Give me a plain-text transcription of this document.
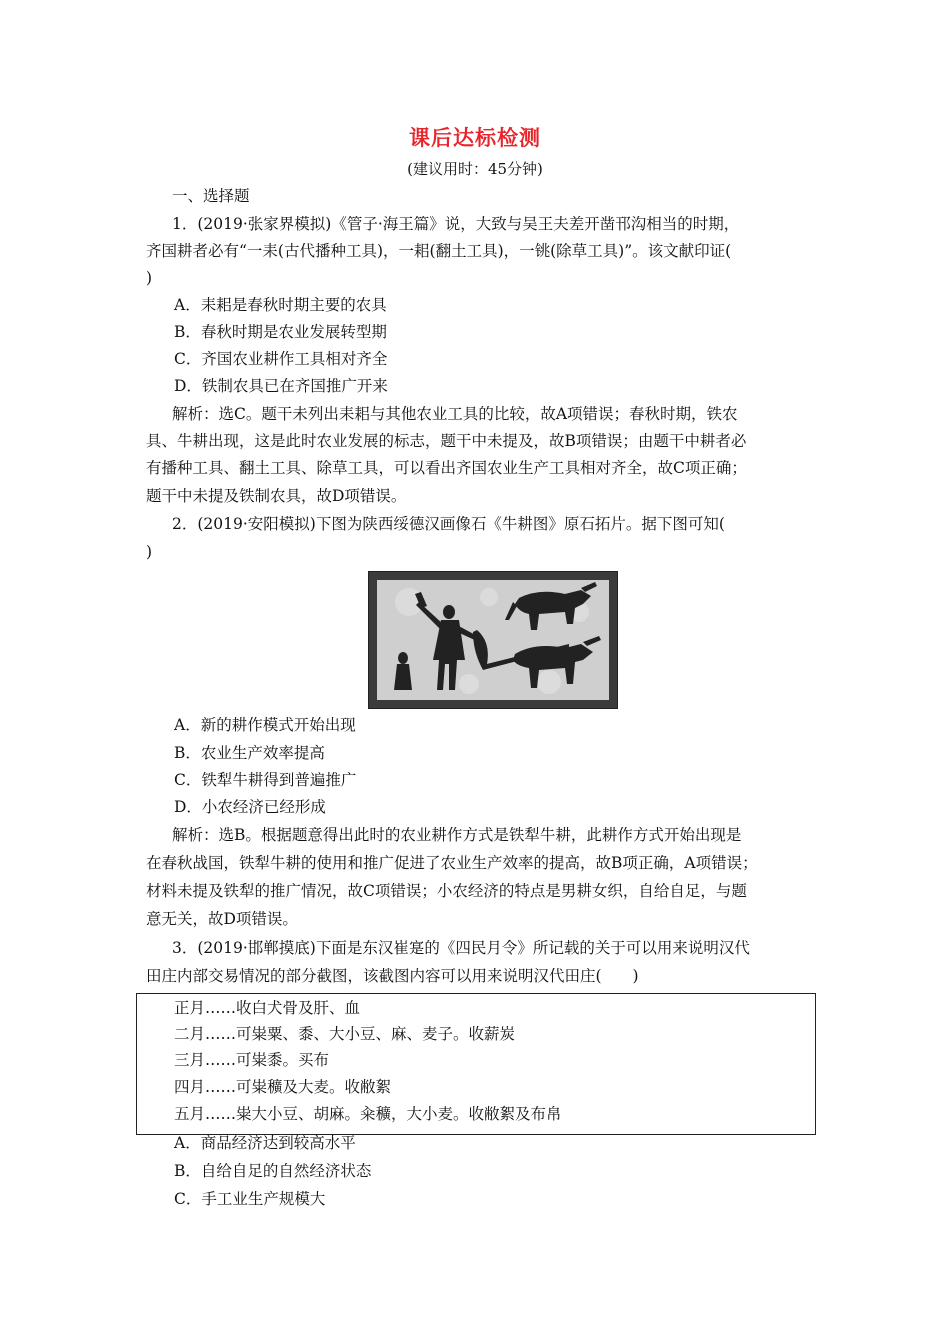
课后达标检测
(建议用时：45分钟)
一、选择题
1．(2019·张家界模拟)《管子·海王篇》说，大致与吴王夫差开凿邗沟相当的时期，
齐国耕者必有“一耒(古代播种工具)，一耜(翻土工具)，一铫(除草工具)”。该文献印证(
)
A．耒耜是春秋时期主要的农具
B．春秋时期是农业发展转型期
C．齐国农业耕作工具相对齐全
D．铁制农具已在齐国推广开来
解析：选C。题干未列出耒耜与其他农业工具的比较，故A项错误；春秋时期，铁农
具、牛耕出现，这是此时农业发展的标志，题干中未提及，故B项错误；由题干中耕者必
有播种工具、翻土工具、除草工具，可以看出齐国农业生产工具相对齐全，故C项正确；
题干中未提及铁制农具，故D项错误。
2．(2019·安阳模拟)下图为陕西绥德汉画像石《牛耕图》原石拓片。据下图可知(
)
A．新的耕作模式开始出现
B．农业生产效率提高
C．铁犁牛耕得到普遍推广
D．小农经济已经形成
解析：选B。根据题意得出此时的农业耕作方式是铁犁牛耕，此耕作方式开始出现是
在春秋战国，铁犁牛耕的使用和推广促进了农业生产效率的提高，故B项正确，A项错误；
材料未提及铁犁的推广情况，故C项错误；小农经济的特点是男耕女织，自给自足，与题
意无关，故D项错误。
3．(2019·邯郸摸底)下面是东汉崔寔的《四民月令》所记载的关于可以用来说明汉代
田庄内部交易情况的部分截图，该截图内容可以用来说明汉代田庄(　　)
正月……收白犬骨及肝、血
二月……可粜粟、黍、大小豆、麻、麦子。收薪炭
三月……可粜黍。买布
四月……可粜穬及大麦。收敝絮
五月……粜大小豆、胡麻。籴穬，大小麦。收敝絮及布帛
A．商品经济达到较高水平
B．自给自足的自然经济状态
C．手工业生产规模大
